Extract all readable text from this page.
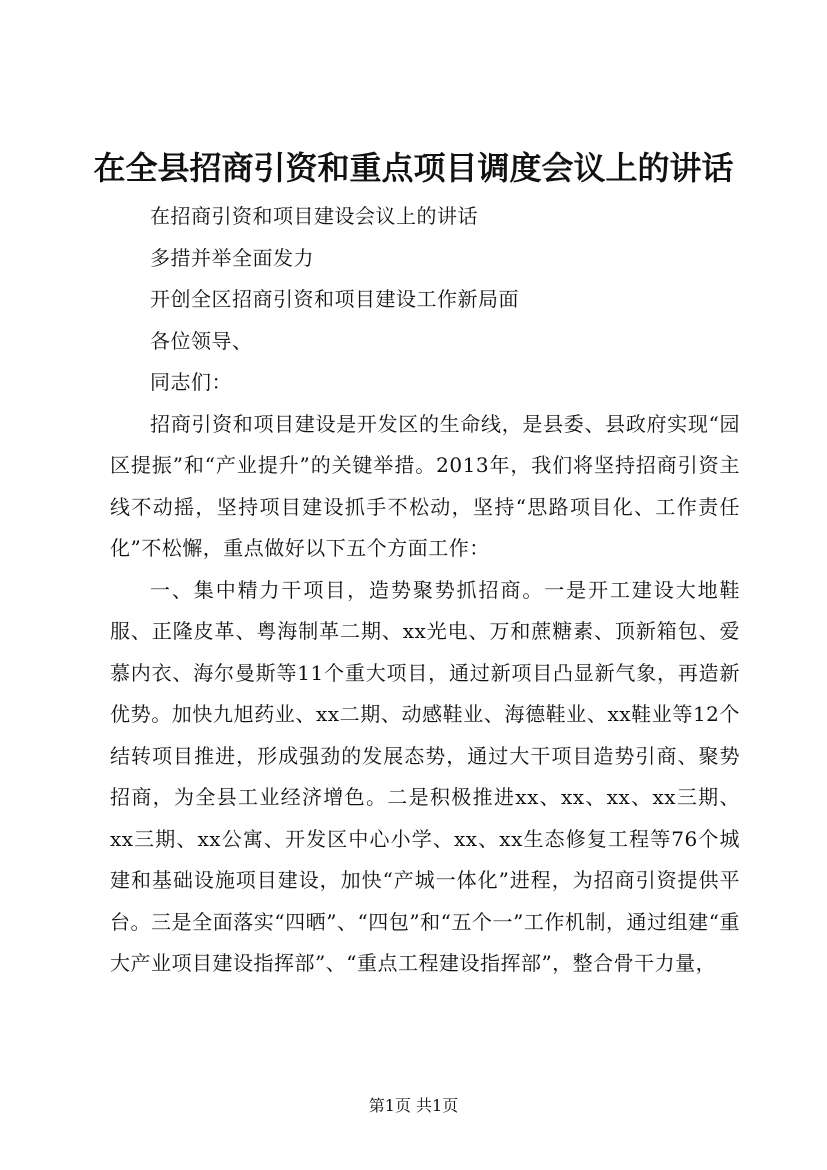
在全县招商引资和重点项目调度会议上的讲话

在招商引资和项目建设会议上的讲话

多措并举全面发力

开创全区招商引资和项目建设工作新局面

各位领导、

同志们：

招商引资和项目建设是开发区的生命线，是县委、县政府实现“园区提振”和“产业提升”的关键举措。2013年，我们将坚持招商引资主线不动摇，坚持项目建设抓手不松动，坚持“思路项目化、工作责任化”不松懈，重点做好以下五个方面工作：

一、集中精力干项目，造势聚势抓招商。一是开工建设大地鞋服、正隆皮革、粤海制革二期、xx光电、万和蔗糖素、顶新箱包、爱慕内衣、海尔曼斯等11个重大项目，通过新项目凸显新气象，再造新优势。加快九旭药业、xx二期、动感鞋业、海德鞋业、xx鞋业等12个结转项目推进，形成强劲的发展态势，通过大干项目造势引商、聚势招商，为全县工业经济增色。二是积极推进xx、xx、xx、xx三期、xx三期、xx公寓、开发区中心小学、xx、xx生态修复工程等76个城建和基础设施项目建设，加快“产城一体化”进程，为招商引资提供平台。三是全面落实“四晒”、“四包”和“五个一”工作机制，通过组建“重大产业项目建设指挥部”、“重点工程建设指挥部”，整合骨干力量，

第1页 共1页
